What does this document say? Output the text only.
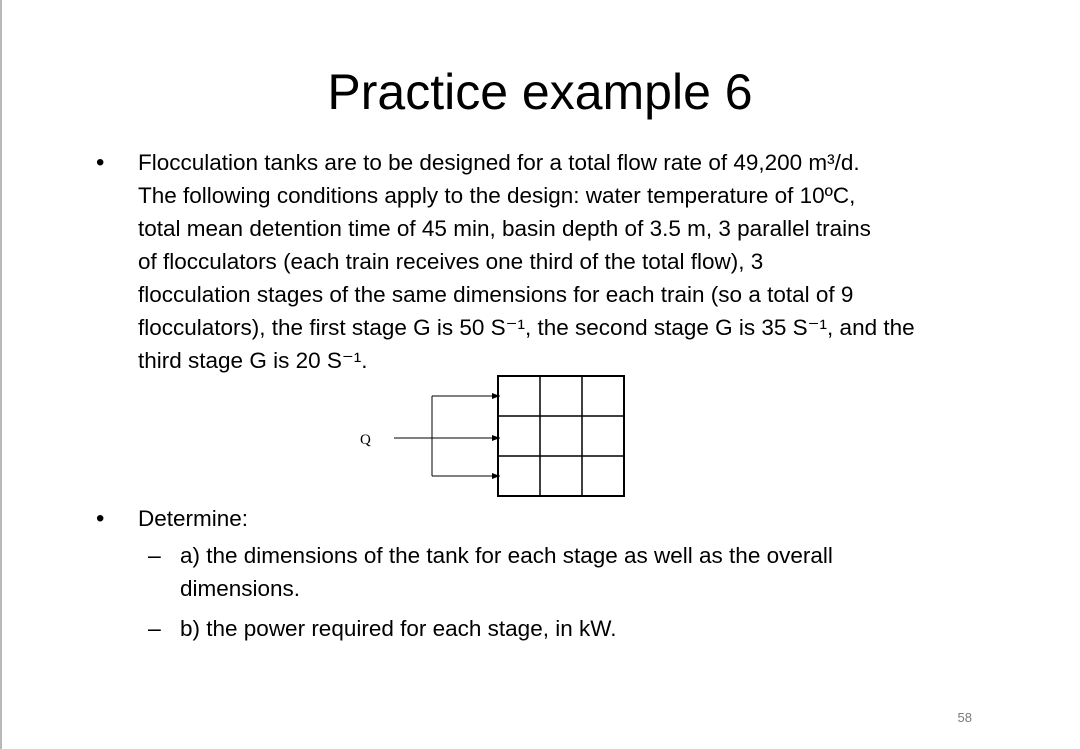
Practice example 6
• Flocculation tanks are to be designed for a total flow rate of 49,200 m³/d.
The following conditions apply to the design: water temperature of 10ºC,
total mean detention time of 45 min, basin depth of 3.5 m, 3 parallel trains
of flocculators (each train receives one third of the total flow), 3
flocculation stages of the same dimensions for each train (so a total of 9
flocculators), the first stage G is 50 S⁻¹, the second stage G is 35 S⁻¹, and the
third stage G is 20 S⁻¹.
Q
• Determine:
– a) the dimensions of the tank for each stage as well as the overall
dimensions.

– b) the power required for each stage, in kW.

58
